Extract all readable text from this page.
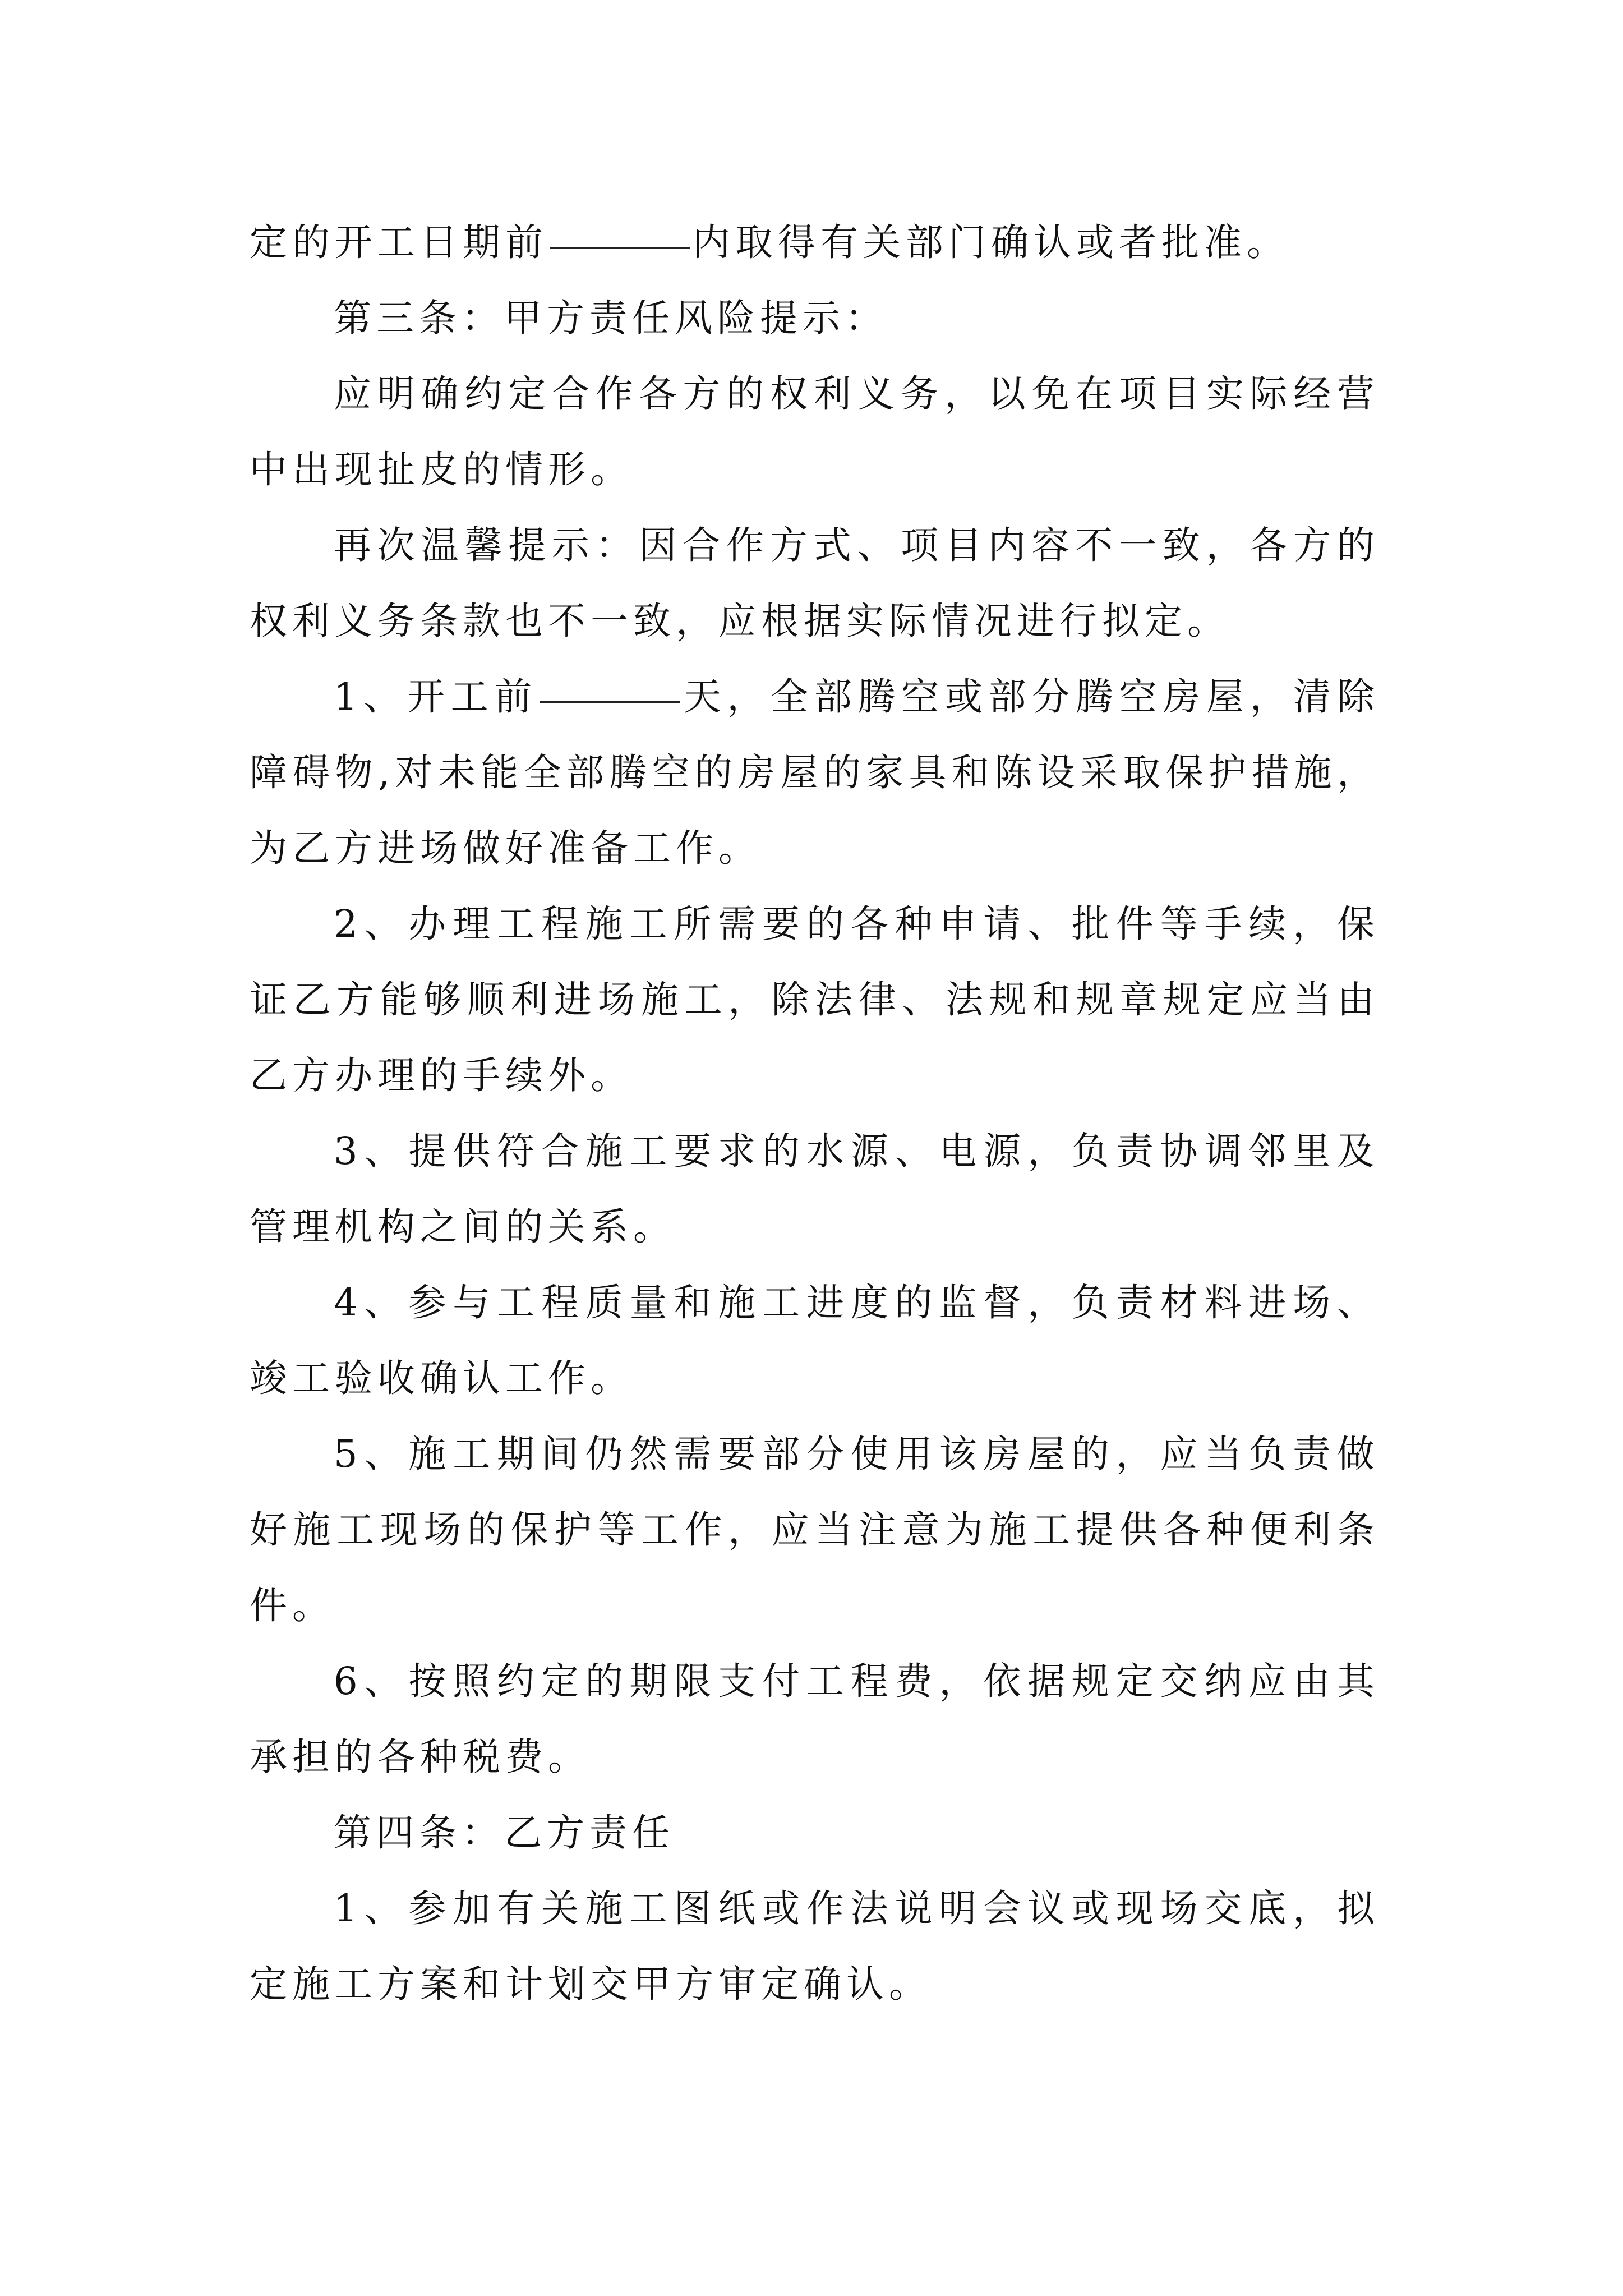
定的开工日期前	内取得有关部门确认或者批准。

第三条：甲方责任风险提示：

应明确约定合作各方的权利义务，以免在项目实际经营中出现扯皮的情形。

再次温馨提示：因合作方式、项目内容不一致，各方的权利义务条款也不一致，应根据实际情况进行拟定。

1、开工前	天，全部腾空或部分腾空房屋，清除障碍物,对未能全部腾空的房屋的家具和陈设采取保护措施，为乙方进场做好准备工作。

2、办理工程施工所需要的各种申请、批件等手续，保证乙方能够顺利进场施工，除法律、法规和规章规定应当由乙方办理的手续外。

3、提供符合施工要求的水源、电源，负责协调邻里及管理机构之间的关系。

4、参与工程质量和施工进度的监督，负责材料进场、竣工验收确认工作。

5、施工期间仍然需要部分使用该房屋的，应当负责做好施工现场的保护等工作，应当注意为施工提供各种便利条件。

6、按照约定的期限支付工程费，依据规定交纳应由其承担的各种税费。

第四条：乙方责任

1、参加有关施工图纸或作法说明会议或现场交底，拟定施工方案和计划交甲方审定确认。
